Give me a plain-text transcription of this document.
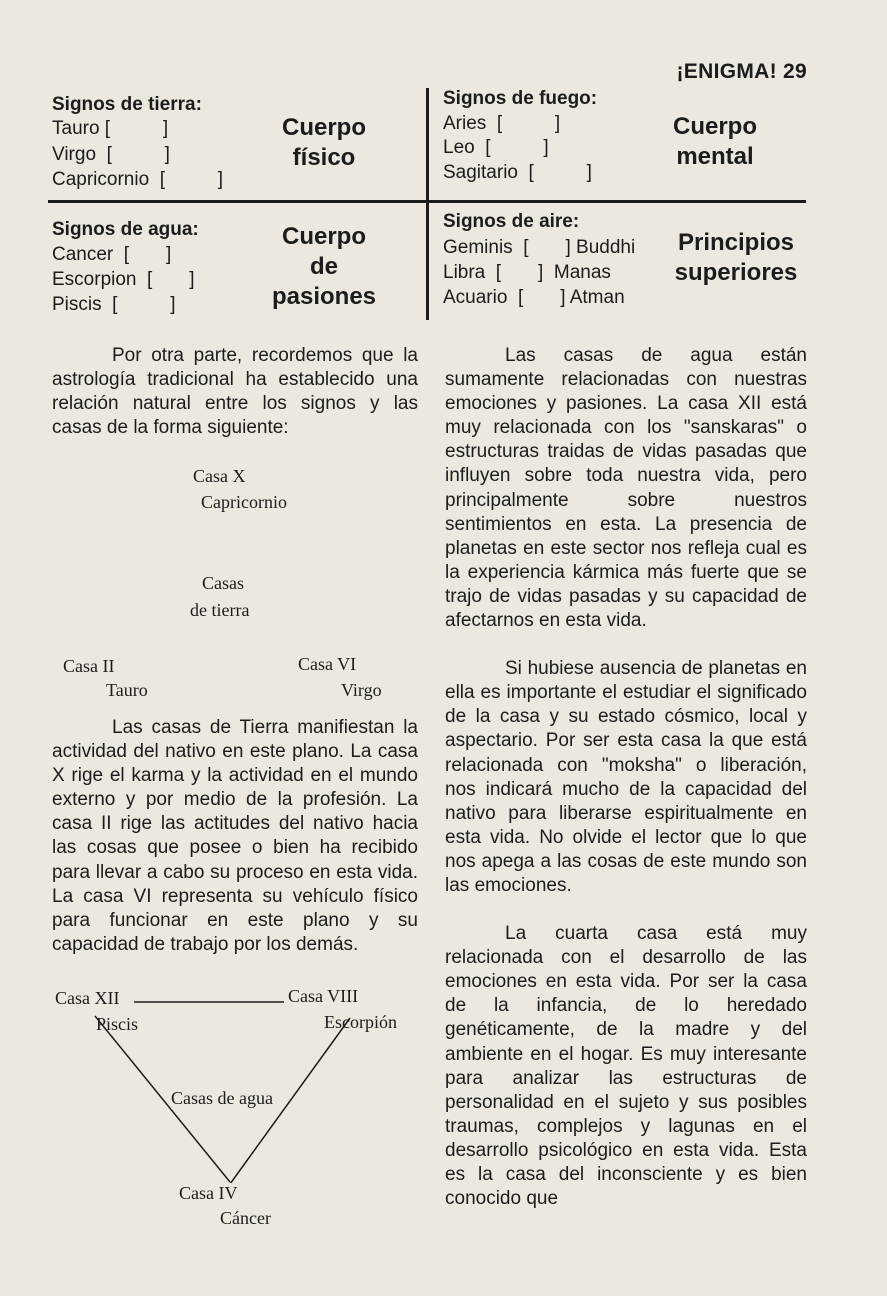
¡ENIGMA! 29
Signos de tierra:
Tauro [          ]
Virgo  [          ]
Capricornio  [          ]
Cuerpo
físico
Signos de fuego:
Aries  [          ]
Leo  [          ]
Sagitario  [          ]
Cuerpo
mental
Signos de agua:
Cancer  [       ]
Escorpion  [       ]
Piscis  [          ]
Cuerpo
de
pasiones
Signos de aire:
Geminis  [       ] Buddhi
Libra  [       ]  Manas
Acuario  [       ] Atman
Principios
superiores

Por otra parte, recordemos que la astrología tradicional ha establecido una relación natural entre los signos y las casas de la forma siguiente:

Casa X
Capricornio
Casas
de tierra
Casa II
Tauro
Casa VI
Virgo

Las casas de Tierra manifiestan la actividad del nativo en este plano. La casa X rige el karma y la actividad en el mundo externo y por medio de la profesión. La casa II rige las actitudes del nativo hacia las cosas que posee o bien ha recibido para llevar a cabo su proceso en esta vida. La casa VI representa su vehículo físico para funcionar en este plano y su capacidad de trabajo por los demás.

Casa XII
Piscis
Casa VIII
Escorpión
Casas de agua
Casa IV
Cáncer

Las casas de agua están sumamente relacionadas con nuestras emociones y pasiones. La casa XII está muy relacionada con los "sanskaras" o estructuras traidas de vidas pasadas que influyen sobre toda nuestra vida, pero principalmente sobre nuestros sentimientos en esta. La presencia de planetas en este sector nos refleja cual es la experiencia kármica más fuerte que se trajo de vidas pasadas y su capacidad de afectarnos en esta vida.

Si hubiese ausencia de planetas en ella es importante el estudiar el significado de la casa y su estado cósmico, local y aspectario. Por ser esta casa la que está relacionada con "moksha" o liberación, nos indicará mucho de la capacidad del nativo para liberarse espiritualmente en esta vida. No olvide el lector que lo que nos apega a las cosas de este mundo son las emociones.

La cuarta casa está muy relacionada con el desarrollo de las emociones en esta vida. Por ser la casa de la infancia, de lo heredado genéticamente, de la madre y del ambiente en el hogar. Es muy interesante para analizar las estructuras de personalidad en el sujeto y sus posibles traumas, complejos y lagunas en el desarrollo psicológico en esta vida. Esta es la casa del inconsciente y es bien conocido que
